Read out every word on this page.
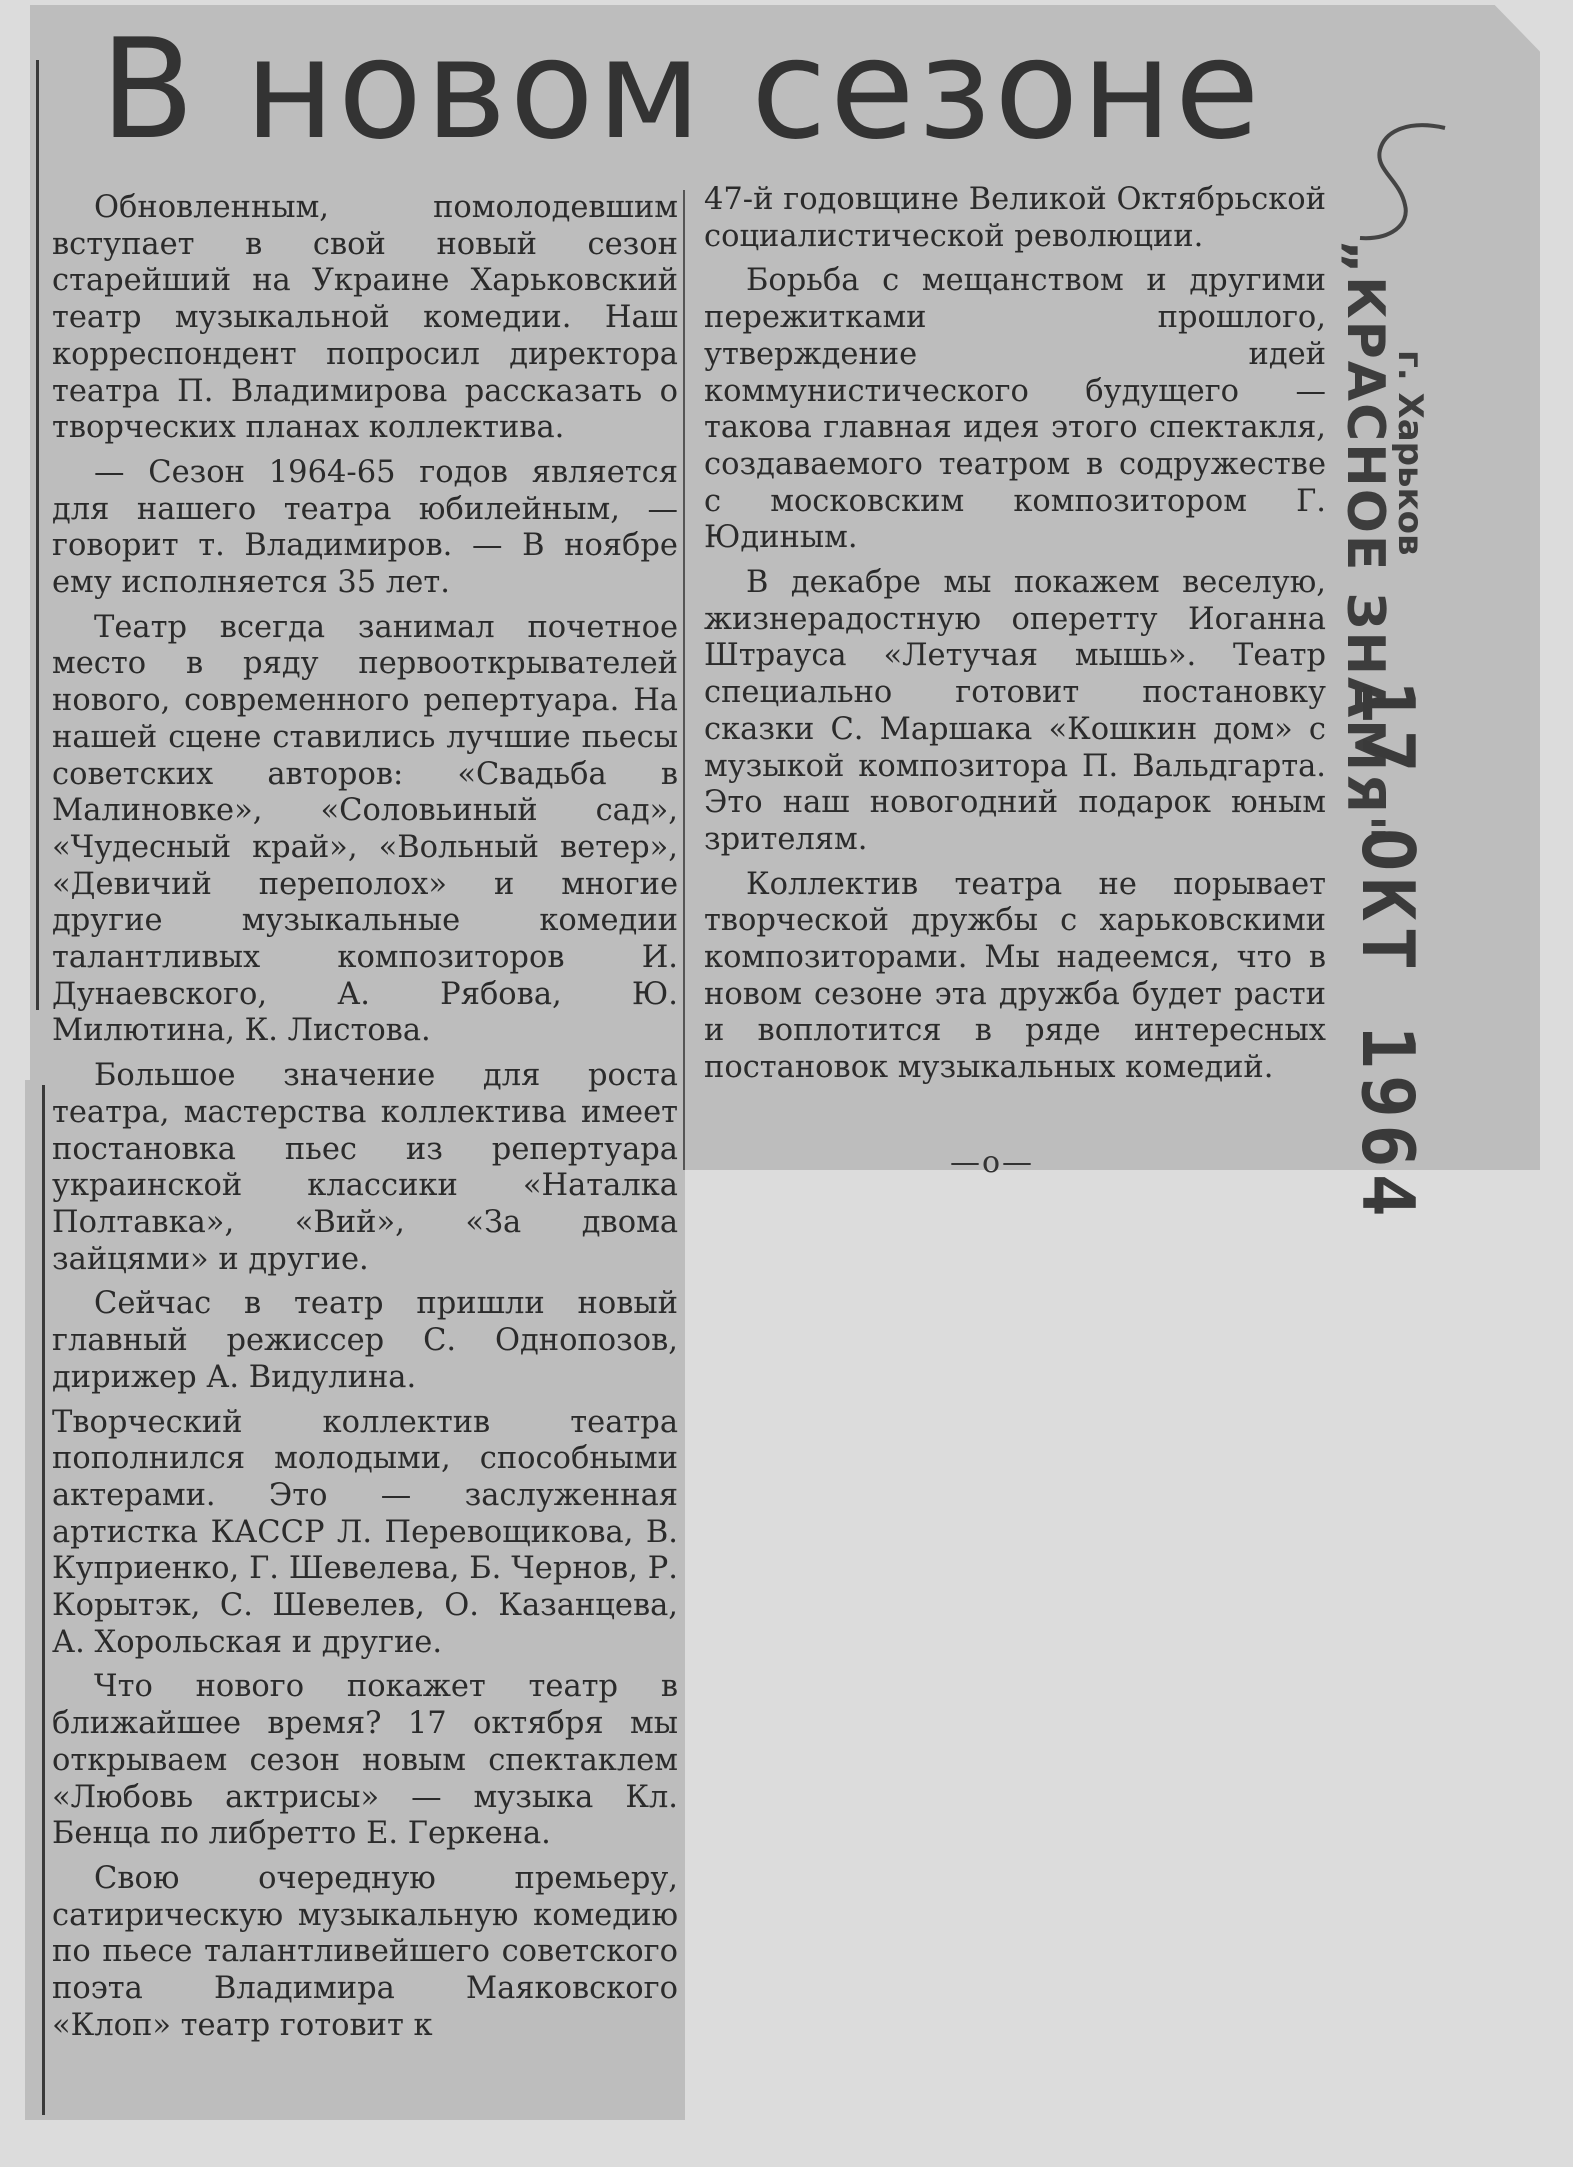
В новом сезоне

Обновленным, помолодевшим вступает в свой новый сезон старейший на Украине Харьковский театр музыкальной комедии. Наш корреспондент попросил директора театра П. Владимирова рассказать о творческих планах коллектива.

— Сезон 1964-65 годов является для нашего театра юбилейным, — говорит т. Владимиров. — В ноябре ему исполняется 35 лет.

Театр всегда занимал почетное место в ряду первооткрывателей нового, современного репертуара. На нашей сцене ставились лучшие пьесы советских авторов: «Свадьба в Малиновке», «Соловьиный сад», «Чудесный край», «Вольный ветер», «Девичий переполох» и многие другие музыкальные комедии талантливых композиторов И. Дунаевского, А. Рябова, Ю. Милютина, К. Листова.

Большое значение для роста театра, мастерства коллектива имеет постановка пьес из репертуара украинской классики «Наталка Полтавка», «Вий», «За двома зайцями» и другие.

Сейчас в театр пришли новый главный режиссер С. Однопозов, дирижер А. Видулина.

Творческий коллектив театра пополнился молодыми, способными актерами. Это — заслуженная артистка КАССР Л. Перевощикова, В. Куприенко, Г. Шевелева, Б. Чернов, Р. Корытэк, С. Шевелев, О. Казанцева, А. Хорольская и другие.

Что нового покажет театр в ближайшее время? 17 октября мы открываем сезон новым спектаклем «Любовь актрисы» — музыка Кл. Бенца по либретто Е. Геркена.

Свою очередную премьеру, сатирическую музыкальную комедию по пьесе талантливейшего советского поэта Владимира Маяковского «Клоп» театр готовит к

47-й годовщине Великой Октябрьской социалистической революции.

Борьба с мещанством и другими пережитками прошлого, утверждение идей коммунистического будущего — такова главная идея этого спектакля, создаваемого театром в содружестве с московским композитором Г. Юдиным.

В декабре мы покажем веселую, жизнерадостную оперетту Иоганна Штрауса «Летучая мышь». Театр специально готовит постановку сказки С. Маршака «Кошкин дом» с музыкой композитора П. Вальдгарта. Это наш новогодний подарок юным зрителям.

Коллектив театра не порывает творческой дружбы с харьковскими композиторами. Мы надеемся, что в новом сезоне эта дружба будет расти и воплотится в ряде интересных постановок музыкальных комедий.

—o—
г. Харьков
17 ОКТ 1964
